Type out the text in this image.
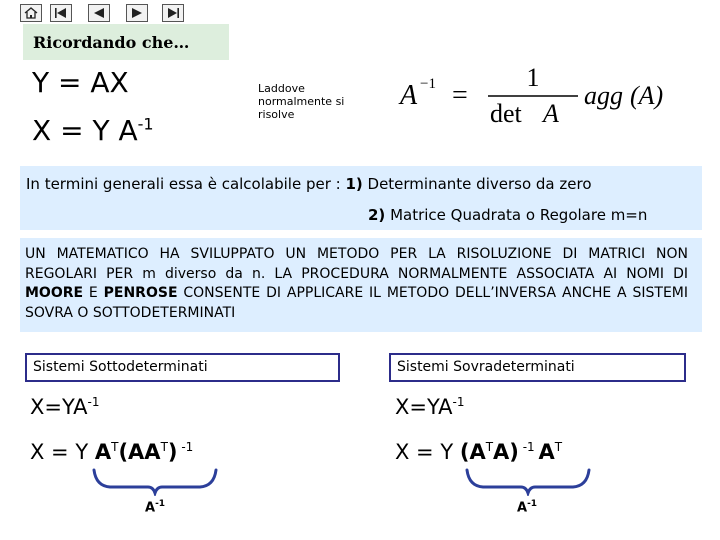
Ricordando che…
Y = AX
X = Y $A^{-1}$
Laddove normalmente si risolve
A −1 =
1
det A
agg (A)
In termini generali essa è calcolabile per : 1) Determinante diverso da zero
2) Matrice Quadrata o Regolare m=n
UN MATEMATICO HA SVILUPPATO UN METODO PER LA RISOLUZIONE DI MATRICI NON REGOLARI PER m diverso da n. LA PROCEDURA NORMALMENTE ASSOCIATA AI NOMI DI MOORE E PENROSE CONSENTE DI APPLICARE IL METODO DELL’INVERSA ANCHE A SISTEMI SOVRA O SOTTODETERMINATI
Sistemi Sottodeterminati
$X=YA^{-1}$
X = Y $A^T(AA^T)$ $^{-1}$
$A^{-1}$
Sistemi Sovradeterminati
$X=YA^{-1}$
X = Y $(A^TA)$ $^{-1}$ $A^T$
$A^{-1}$
